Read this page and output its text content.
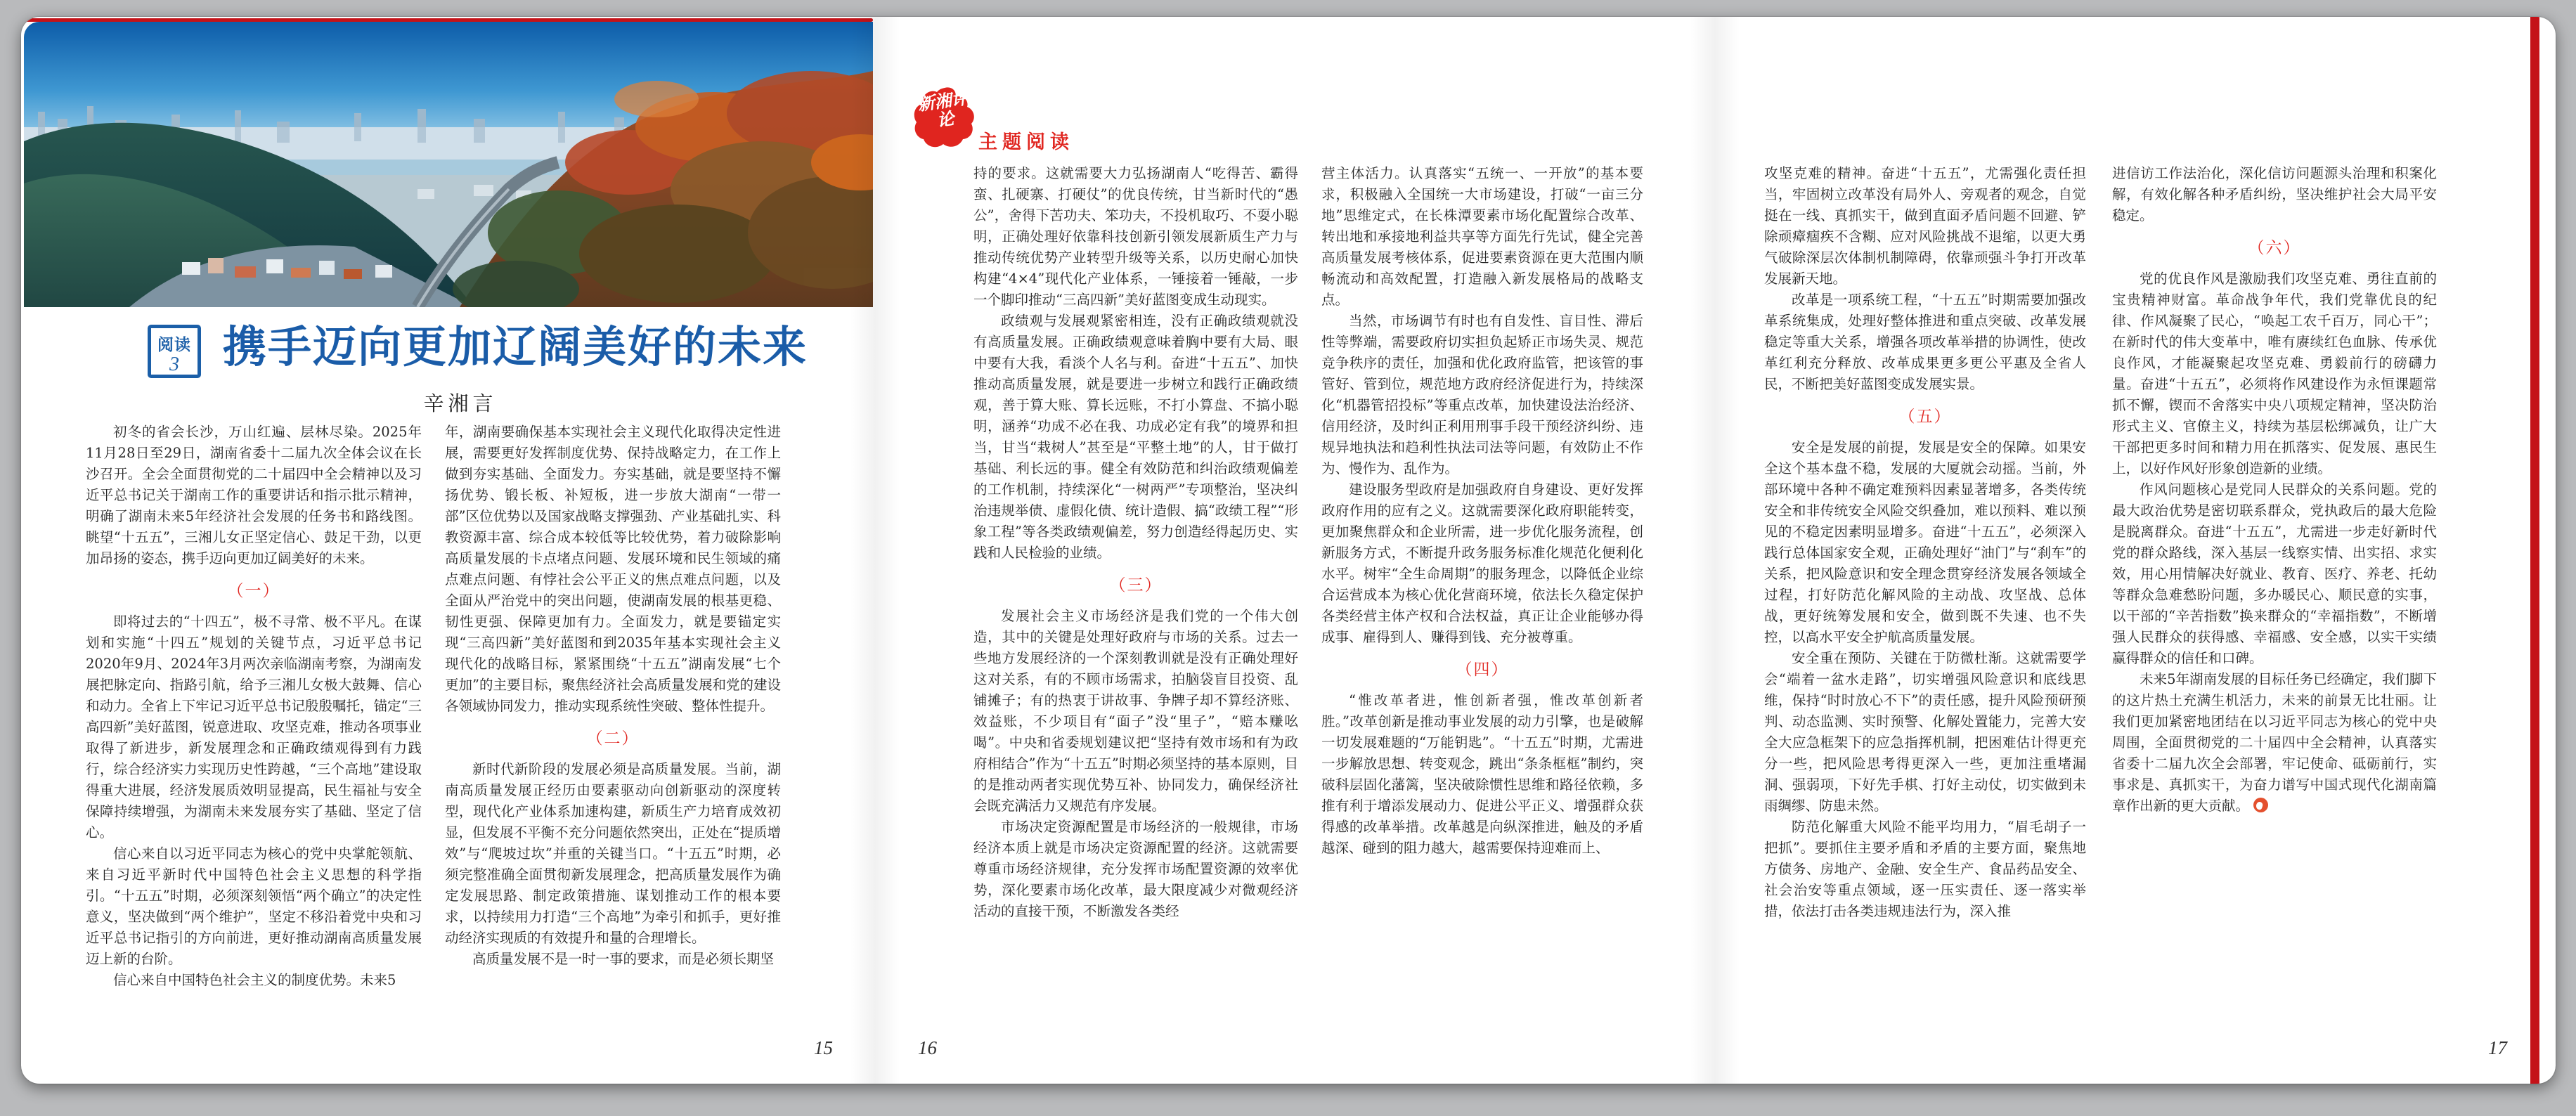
新湘评论
主题阅读
阅读
3	携手迈向更加辽阔美好的未来
辛湘言

初冬的省会长沙，万山红遍、层林尽染。2025年11月28日至29日，湖南省委十二届九次全体会议在长沙召开。全会全面贯彻党的二十届四中全会精神以及习近平总书记关于湖南工作的重要讲话和指示批示精神，明确了湖南未来5年经济社会发展的任务书和路线图。眺望“十五五”，三湘儿女正坚定信心、鼓足干劲，以更加昂扬的姿态，携手迈向更加辽阔美好的未来。

（一）

即将过去的“十四五”，极不寻常、极不平凡。在谋划和实施“十四五”规划的关键节点，习近平总书记2020年9月、2024年3月两次亲临湖南考察，为湖南发展把脉定向、指路引航，给予三湘儿女极大鼓舞、信心和动力。全省上下牢记习近平总书记殷殷嘱托，锚定“三高四新”美好蓝图，锐意进取、攻坚克难，推动各项事业取得了新进步，新发展理念和正确政绩观得到有力践行，综合经济实力实现历史性跨越，“三个高地”建设取得重大进展，经济发展质效明显提高，民生福祉与安全保障持续增强，为湖南未来发展夯实了基础、坚定了信心。

信心来自以习近平同志为核心的党中央掌舵领航、来自习近平新时代中国特色社会主义思想的科学指引。“十五五”时期，必须深刻领悟“两个确立”的决定性意义，坚决做到“两个维护”，坚定不移沿着党中央和习近平总书记指引的方向前进，更好推动湖南高质量发展迈上新的台阶。

信心来自中国特色社会主义的制度优势。未来5

年，湖南要确保基本实现社会主义现代化取得决定性进展，需要更好发挥制度优势、保持战略定力，在工作上做到夯实基础、全面发力。夯实基础，就是要坚持不懈扬优势、锻长板、补短板，进一步放大湖南“一带一部”区位优势以及国家战略支撑强劲、产业基础扎实、科教资源丰富、综合成本较低等比较优势，着力破除影响高质量发展的卡点堵点问题、发展环境和民生领域的痛点难点问题、有悖社会公平正义的焦点难点问题，以及全面从严治党中的突出问题，使湖南发展的根基更稳、韧性更强、保障更加有力。全面发力，就是要锚定实现“三高四新”美好蓝图和到2035年基本实现社会主义现代化的战略目标，紧紧围绕“十五五”湖南发展“七个更加”的主要目标，聚焦经济社会高质量发展和党的建设各领域协同发力，推动实现系统性突破、整体性提升。

（二）

新时代新阶段的发展必须是高质量发展。当前，湖南高质量发展正经历由要素驱动向创新驱动的深度转型，现代化产业体系加速构建，新质生产力培育成效初显，但发展不平衡不充分问题依然突出，正处在“提质增效”与“爬坡过坎”并重的关键当口。“十五五”时期，必须完整准确全面贯彻新发展理念，把高质量发展作为确定发展思路、制定政策措施、谋划推动工作的根本要求，以持续用力打造“三个高地”为牵引和抓手，更好推动经济实现质的有效提升和量的合理增长。

高质量发展不是一时一事的要求，而是必须长期坚

持的要求。这就需要大力弘扬湖南人“吃得苦、霸得蛮、扎硬寨、打硬仗”的优良传统，甘当新时代的“愚公”，舍得下苦功夫、笨功夫，不投机取巧、不耍小聪明，正确处理好依靠科技创新引领发展新质生产力与推动传统优势产业转型升级等关系，以历史耐心加快构建“4×4”现代化产业体系，一锤接着一锤敲，一步一个脚印推动“三高四新”美好蓝图变成生动现实。

政绩观与发展观紧密相连，没有正确政绩观就没有高质量发展。正确政绩观意味着胸中要有大局、眼中要有大我，看淡个人名与利。奋进“十五五”、加快推动高质量发展，就是要进一步树立和践行正确政绩观，善于算大账、算长远账，不打小算盘、不搞小聪明，涵养“功成不必在我、功成必定有我”的境界和担当，甘当“栽树人”甚至是“平整土地”的人，甘于做打基础、利长远的事。健全有效防范和纠治政绩观偏差的工作机制，持续深化“一树两严”专项整治，坚决纠治违规举债、虚假化债、统计造假、搞“政绩工程”“形象工程”等各类政绩观偏差，努力创造经得起历史、实践和人民检验的业绩。

（三）

发展社会主义市场经济是我们党的一个伟大创造，其中的关键是处理好政府与市场的关系。过去一些地方发展经济的一个深刻教训就是没有正确处理好这对关系，有的不顾市场需求，拍脑袋盲目投资、乱铺摊子；有的热衷于讲故事、争牌子却不算经济账、效益账，不少项目有“面子”没“里子”，“赔本赚吆喝”。中央和省委规划建议把“坚持有效市场和有为政府相结合”作为“十五五”时期必须坚持的基本原则，目的是推动两者实现优势互补、协同发力，确保经济社会既充满活力又规范有序发展。

市场决定资源配置是市场经济的一般规律，市场经济本质上就是市场决定资源配置的经济。这就需要尊重市场经济规律，充分发挥市场配置资源的效率优势，深化要素市场化改革，最大限度减少对微观经济活动的直接干预，不断激发各类经

营主体活力。认真落实“五统一、一开放”的基本要求，积极融入全国统一大市场建设，打破“一亩三分地”思维定式，在长株潭要素市场化配置综合改革、转出地和承接地利益共享等方面先行先试，健全完善高质量发展考核体系，促进要素资源在更大范围内顺畅流动和高效配置，打造融入新发展格局的战略支点。

当然，市场调节有时也有自发性、盲目性、滞后性等弊端，需要政府切实担负起矫正市场失灵、规范竞争秩序的责任，加强和优化政府监管，把该管的事管好、管到位，规范地方政府经济促进行为，持续深化“机器管招投标”等重点改革，加快建设法治经济、信用经济，及时纠正利用刑事手段干预经济纠纷、违规异地执法和趋利性执法司法等问题，有效防止不作为、慢作为、乱作为。

建设服务型政府是加强政府自身建设、更好发挥政府作用的应有之义。这就需要深化政府职能转变，更加聚焦群众和企业所需，进一步优化服务流程，创新服务方式，不断提升政务服务标准化规范化便利化水平。树牢“全生命周期”的服务理念，以降低企业综合运营成本为核心优化营商环境，依法长久稳定保护各类经营主体产权和合法权益，真正让企业能够办得成事、雇得到人、赚得到钱、充分被尊重。

（四）

“惟改革者进，惟创新者强，惟改革创新者胜。”改革创新是推动事业发展的动力引擎，也是破解一切发展难题的“万能钥匙”。“十五五”时期，尤需进一步解放思想、转变观念，跳出“条条框框”制约，突破科层固化藩篱，坚决破除惯性思维和路径依赖，多推有利于增添发展动力、促进公平正义、增强群众获得感的改革举措。改革越是向纵深推进，触及的矛盾越深、碰到的阻力越大，越需要保持迎难而上、

攻坚克难的精神。奋进“十五五”，尤需强化责任担当，牢固树立改革没有局外人、旁观者的观念，自觉挺在一线、真抓实干，做到直面矛盾问题不回避、铲除顽瘴痼疾不含糊、应对风险挑战不退缩，以更大勇气破除深层次体制机制障碍，依靠顽强斗争打开改革发展新天地。

改革是一项系统工程，“十五五”时期需要加强改革系统集成，处理好整体推进和重点突破、改革发展稳定等重大关系，增强各项改革举措的协调性，使改革红利充分释放、改革成果更多更公平惠及全省人民，不断把美好蓝图变成发展实景。

（五）

安全是发展的前提，发展是安全的保障。如果安全这个基本盘不稳，发展的大厦就会动摇。当前，外部环境中各种不确定难预料因素显著增多，各类传统安全和非传统安全风险交织叠加，难以预料、难以预见的不稳定因素明显增多。奋进“十五五”，必须深入践行总体国家安全观，正确处理好“油门”与“刹车”的关系，把风险意识和安全理念贯穿经济发展各领域全过程，打好防范化解风险的主动战、攻坚战、总体战，更好统筹发展和安全，做到既不失速、也不失控，以高水平安全护航高质量发展。

安全重在预防、关键在于防微杜渐。这就需要学会“端着一盆水走路”，切实增强风险意识和底线思维，保持“时时放心不下”的责任感，提升风险预研预判、动态监测、实时预警、化解处置能力，完善大安全大应急框架下的应急指挥机制，把困难估计得更充分一些，把风险思考得更深入一些，更加注重堵漏洞、强弱项，下好先手棋、打好主动仗，切实做到未雨绸缪、防患未然。

防范化解重大风险不能平均用力，“眉毛胡子一把抓”。要抓住主要矛盾和矛盾的主要方面，聚焦地方债务、房地产、金融、安全生产、食品药品安全、社会治安等重点领域，逐一压实责任、逐一落实举措，依法打击各类违规违法行为，深入推

进信访工作法治化，深化信访问题源头治理和积案化解，有效化解各种矛盾纠纷，坚决维护社会大局平安稳定。

（六）

党的优良作风是激励我们攻坚克难、勇往直前的宝贵精神财富。革命战争年代，我们党靠优良的纪律、作风凝聚了民心，“唤起工农千百万，同心干”；在新时代的伟大变革中，唯有赓续红色血脉、传承优良作风，才能凝聚起攻坚克难、勇毅前行的磅礴力量。奋进“十五五”，必须将作风建设作为永恒课题常抓不懈，锲而不舍落实中央八项规定精神，坚决防治形式主义、官僚主义，持续为基层松绑减负，让广大干部把更多时间和精力用在抓落实、促发展、惠民生上，以好作风好形象创造新的业绩。

作风问题核心是党同人民群众的关系问题。党的最大政治优势是密切联系群众，党执政后的最大危险是脱离群众。奋进“十五五”，尤需进一步走好新时代党的群众路线，深入基层一线察实情、出实招、求实效，用心用情解决好就业、教育、医疗、养老、托幼等群众急难愁盼问题，多办暖民心、顺民意的实事，以干部的“辛苦指数”换来群众的“幸福指数”，不断增强人民群众的获得感、幸福感、安全感，以实干实绩赢得群众的信任和口碑。

未来5年湖南发展的目标任务已经确定，我们脚下的这片热土充满生机活力，未来的前景无比壮丽。让我们更加紧密地团结在以习近平同志为核心的党中央周围，全面贯彻党的二十届四中全会精神，认真落实省委十二届九次全会部署，牢记使命、砥砺前行，实事求是、真抓实干，为奋力谱写中国式现代化湖南篇章作出新的更大贡献。

15	16	17
